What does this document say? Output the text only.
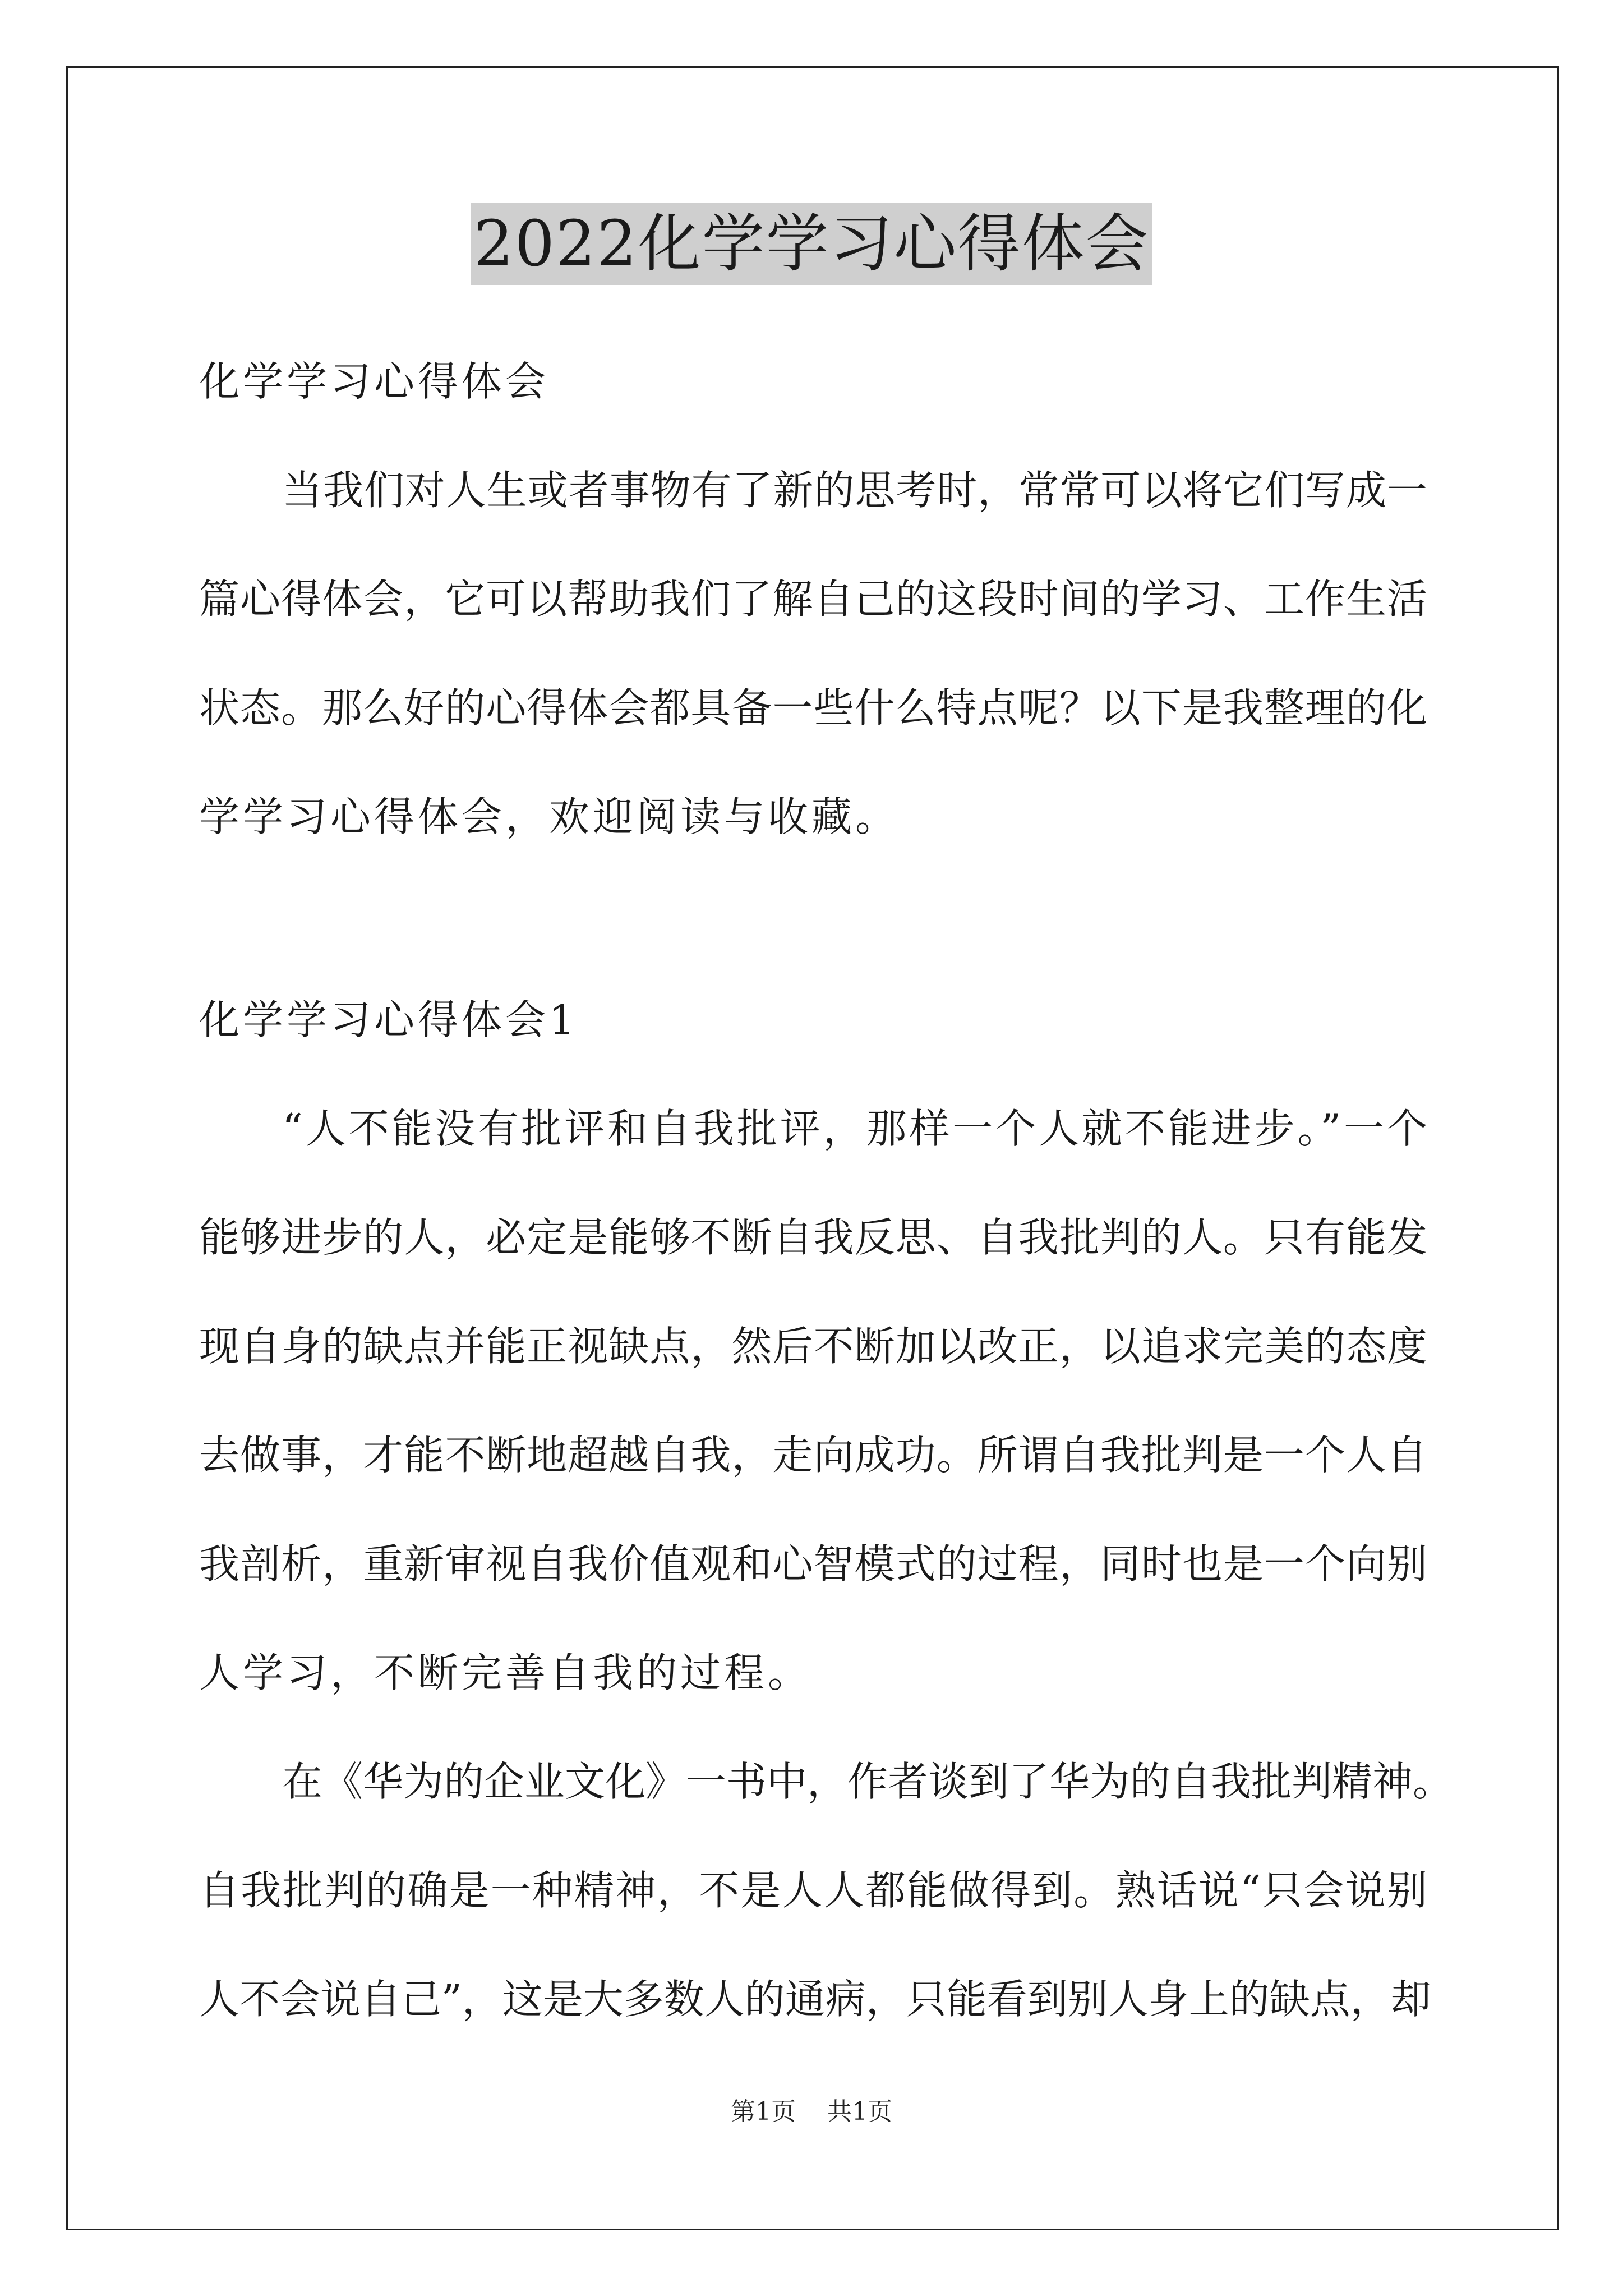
2022化学学习心得体会
化学学习心得体会
当我们对人生或者事物有了新的思考时，常常可以将它们写成一
篇心得体会，它可以帮助我们了解自己的这段时间的学习、工作生活
状态。那么好的心得体会都具备一些什么特点呢？以下是我整理的化
学学习心得体会，欢迎阅读与收藏。
化学学习心得体会1
“人不能没有批评和自我批评，那样一个人就不能进步。”一个
能够进步的人，必定是能够不断自我反思、自我批判的人。只有能发
现自身的缺点并能正视缺点，然后不断加以改正，以追求完美的态度
去做事，才能不断地超越自我，走向成功。所谓自我批判是一个人自
我剖析，重新审视自我价值观和心智模式的过程，同时也是一个向别
人学习，不断完善自我的过程。
在《华为的企业文化》一书中，作者谈到了华为的自我批判精神。
自我批判的确是一种精神，不是人人都能做得到。熟话说“只会说别
人不会说自己”，这是大多数人的通病，只能看到别人身上的缺点，却
第1页 共1页
